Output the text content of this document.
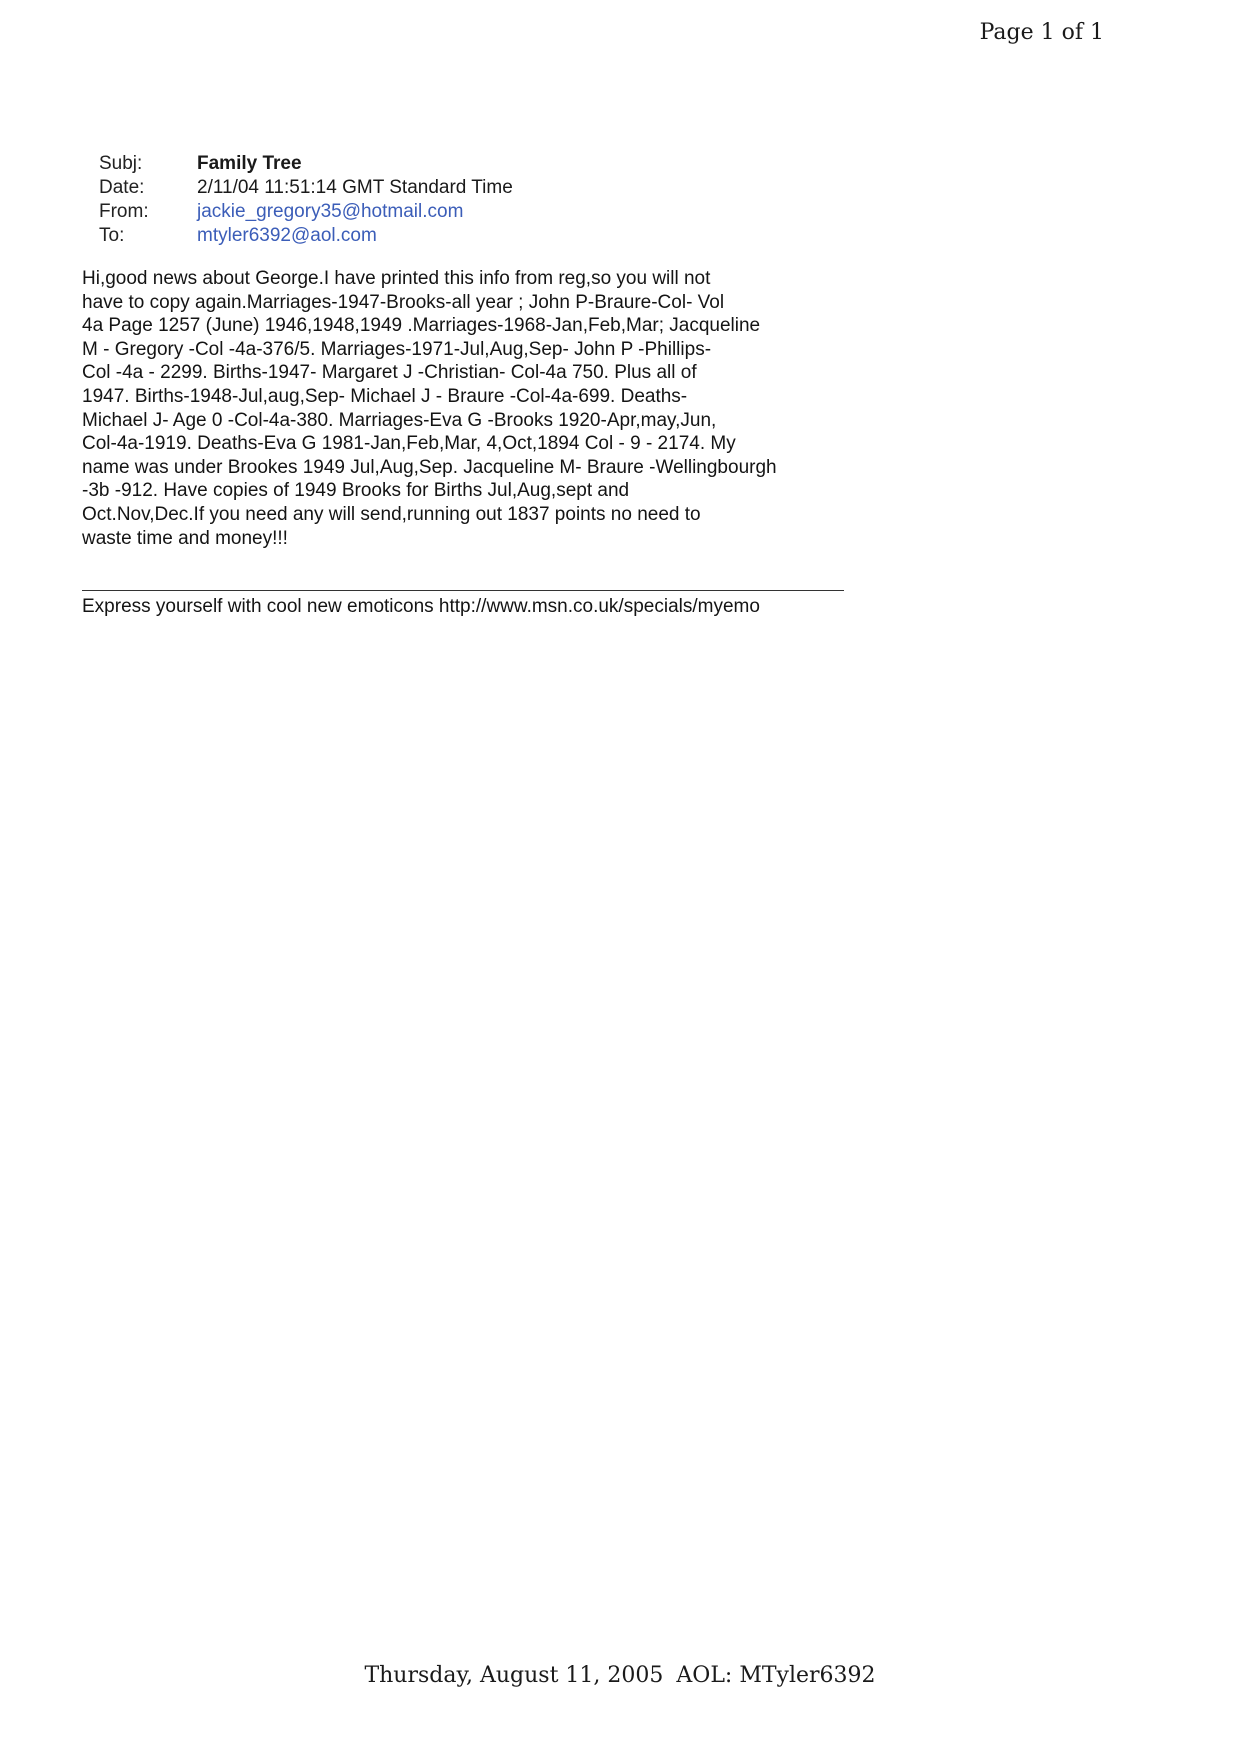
Page 1 of 1
Subj:	Family Tree
Date:	2/11/04 11:51:14 GMT Standard Time
From:	jackie_gregory35@hotmail.com
To:	mtyler6392@aol.com
Hi,good news about George.I have printed this info from reg,so you will not
have to copy again.Marriages-1947-Brooks-all year ; John P-Braure-Col- Vol
4a Page 1257 (June) 1946,1948,1949 .Marriages-1968-Jan,Feb,Mar; Jacqueline
M - Gregory -Col -4a-376/5. Marriages-1971-Jul,Aug,Sep- John P -Phillips-
Col -4a - 2299. Births-1947- Margaret J -Christian- Col-4a 750. Plus all of
1947. Births-1948-Jul,aug,Sep- Michael J - Braure -Col-4a-699. Deaths-
Michael J- Age 0 -Col-4a-380. Marriages-Eva G -Brooks 1920-Apr,may,Jun,
Col-4a-1919. Deaths-Eva G 1981-Jan,Feb,Mar, 4,Oct,1894 Col - 9 - 2174. My
name was under Brookes 1949 Jul,Aug,Sep. Jacqueline M- Braure -Wellingbourgh
-3b -912. Have copies of 1949 Brooks for Births Jul,Aug,sept and
Oct.Nov,Dec.If you need any will send,running out 1837 points no need to
waste time and money!!!
Express yourself with cool new emoticons http://www.msn.co.uk/specials/myemo
Thursday, August 11, 2005 AOL: MTyler6392
